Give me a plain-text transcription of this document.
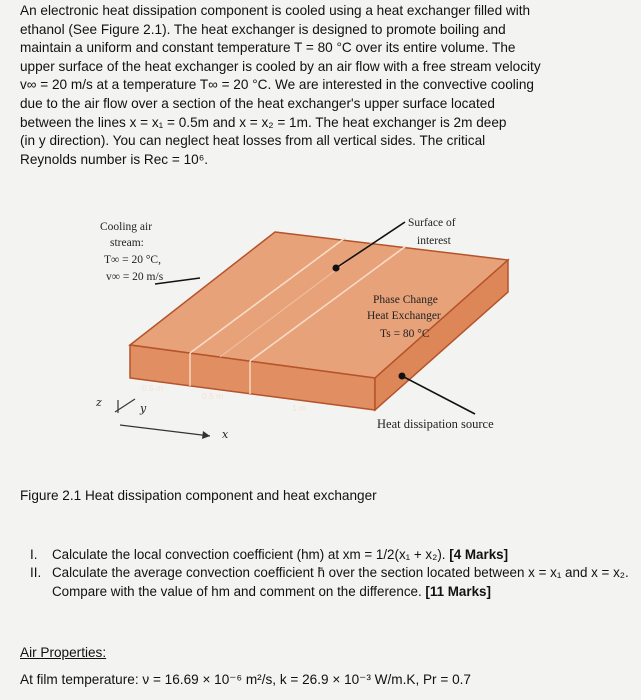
An electronic heat dissipation component is cooled using a heat exchanger filled with
ethanol (See Figure 2.1). The heat exchanger is designed to promote boiling and
maintain a uniform and constant temperature T = 80 °C over its entire volume. The
upper surface of the heat exchanger is cooled by an air flow with a free stream velocity
v∞ = 20 m/s at a temperature T∞ = 20 °C. We are interested in the convective cooling
due to the air flow over a section of the heat exchanger's upper surface located
between the lines x = x₁ = 0.5m and x = x₂ = 1m. The heat exchanger is 2m deep
(in y direction). You can neglect heat losses from all vertical sides. The critical
Reynolds number is Reс = 10⁶.
Cooling air
stream:
T∞ = 20 °C,
v∞ = 20 m/s
Surface of
interest
Phase Change
Heat Exchanger
Ts = 80 °C
Heat dissipation source
0.5 m
0.5 m
1 m
z	y
x
Figure 2.1 Heat dissipation component and heat exchanger
I. Calculate the local convection coefficient (hm) at xm = 1/2(x₁ + x₂). [4 Marks]
II. Calculate the average convection coefficient h̄ over the section located between x = x₁ and x = x₂. Compare with the value of hm and comment on the difference. [11 Marks]
Air Properties:
At film temperature: ν = 16.69 × 10⁻⁶ m²/s, k = 26.9 × 10⁻³ W/m.K, Pr = 0.7
